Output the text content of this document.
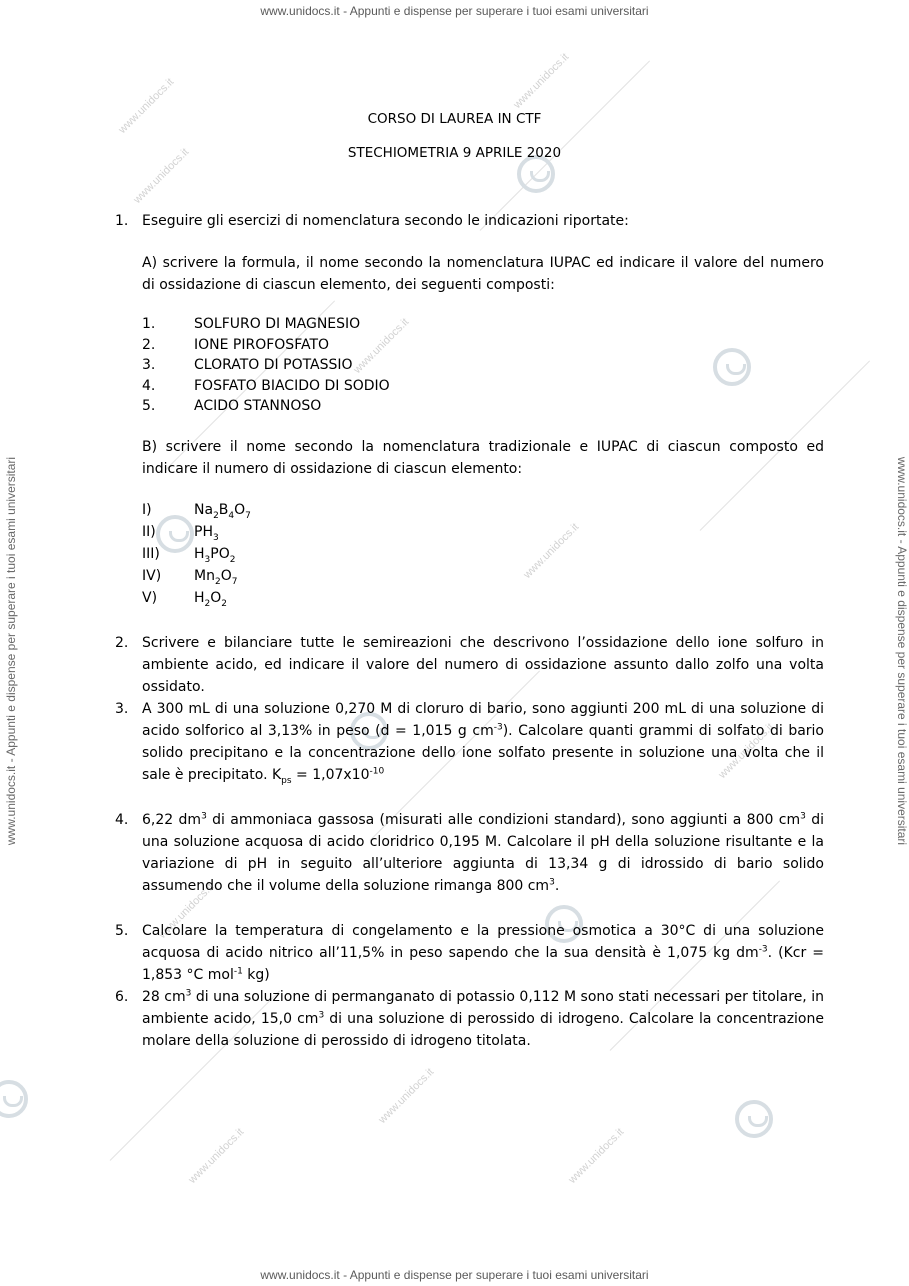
www.unidocs.it - Appunti e dispense per superare i tuoi esami universitari
www.unidocs.it - Appunti e dispense per superare i tuoi esami universitari
www.unidocs.it - Appunti e dispense per superare i tuoi esami universitari	www.unidocs.it - Appunti e dispense per superare i tuoi esami universitari
www.unidocs.it
www.unidocs.it
www.unidocs.it
www.unidocs.it
www.unidocs.it
www.unidocs.it
www.unidocs.it
www.unidocs.it
www.unidocs.it
www.unidocs.it
CORSO DI LAUREA IN CTF
STECHIOMETRIA 9 APRILE 2020
1. Eseguire gli esercizi di nomenclatura secondo le indicazioni riportate:
A) scrivere la formula, il nome secondo la nomenclatura IUPAC ed indicare il valore del numero di ossidazione di ciascun elemento, dei seguenti composti:
1.	SOLFURO DI MAGNESIO
2.	IONE PIROFOSFATO
3.	CLORATO DI POTASSIO
4.	FOSFATO BIACIDO DI SODIO
5.	ACIDO STANNOSO
B) scrivere il nome secondo la nomenclatura tradizionale e IUPAC di ciascun composto ed indicare il numero di ossidazione di ciascun elemento:
I)	$Na_2B_4O_7$
II)	$PH_3$
III) $H_3PO_2$
IV) $Mn_2O_7$
V)	$H_2O_2$
2. Scrivere e bilanciare tutte le semireazioni che descrivono l’ossidazione dello ione solfuro in ambiente acido, ed indicare il valore del numero di ossidazione assunto dallo zolfo una volta ossidato.
3. A 300 mL di una soluzione 0,270 M di cloruro di bario, sono aggiunti 200 mL di una soluzione di acido solforico al 3,13% in peso (d = 1,015 g $cm^{-3}$). Calcolare quanti grammi di solfato di bario solido precipitano e la concentrazione dello ione solfato presente in soluzione una volta che il sale è precipitato. $K_{ps} = 1,07x10^{-10}$
4. 6,22 $dm^3$ di ammoniaca gassosa (misurati alle condizioni standard), sono aggiunti a 800 $cm^3$ di una soluzione acquosa di acido cloridrico 0,195 M. Calcolare il pH della soluzione risultante e la variazione di pH in seguito all’ulteriore aggiunta di 13,34 g di idrossido di bario solido assumendo che il volume della soluzione rimanga 800 $cm^3$.
5. Calcolare la temperatura di congelamento e la pressione osmotica a 30°C di una soluzione acquosa di acido nitrico all’11,5% in peso sapendo che la sua densità è 1,075 kg $dm^{-3}$. (Kcr = 1,853 °C mol$^{-1}$ kg)
6. 28 $cm^3$ di una soluzione di permanganato di potassio 0,112 M sono stati necessari per titolare, in ambiente acido, 15,0 $cm^3$ di una soluzione di perossido di idrogeno. Calcolare la concentrazione molare della soluzione di perossido di idrogeno titolata.
